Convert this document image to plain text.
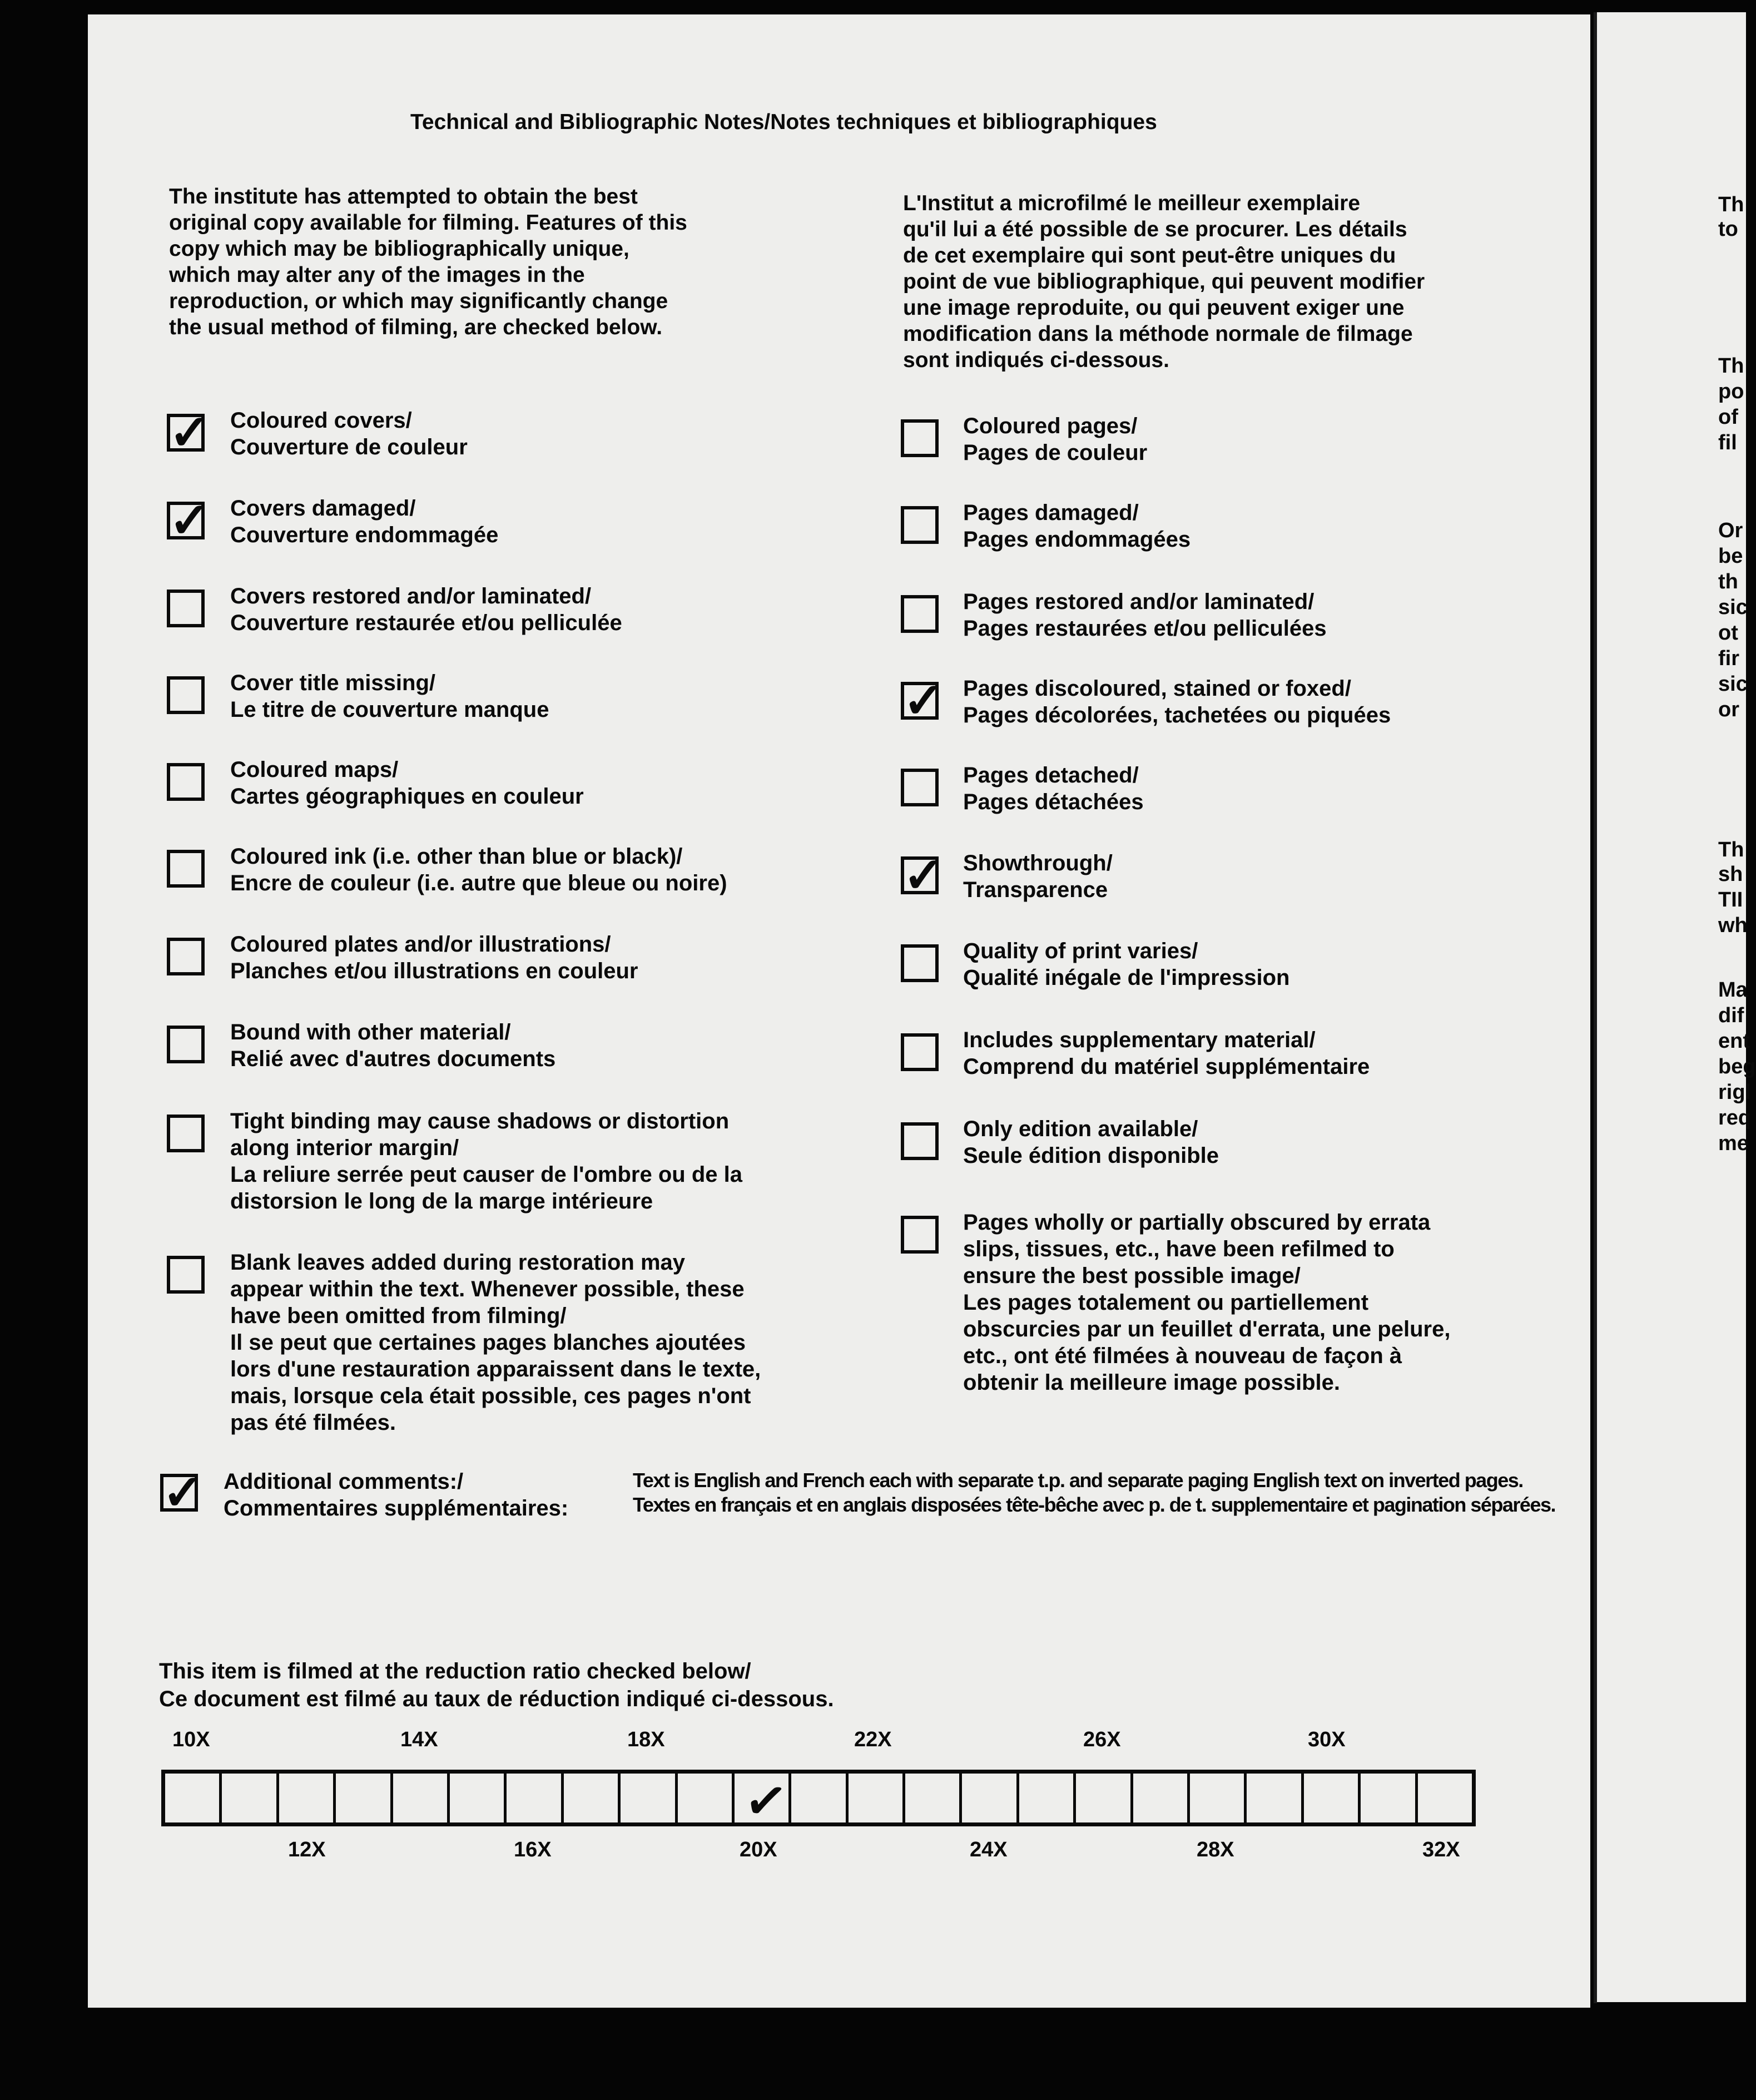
Technical and Bibliographic Notes/Notes techniques et bibliographiques
The institute has attempted to obtain the best
original copy available for filming. Features of this
copy which may be bibliographically unique,
which may alter any of the images in the
reproduction, or which may significantly change
the usual method of filming, are checked below.
L'Institut a microfilmé le meilleur exemplaire
qu'il lui a été possible de se procurer. Les détails
de cet exemplaire qui sont peut-être uniques du
point de vue bibliographique, qui peuvent modifier
une image reproduite, ou qui peuvent exiger une
modification dans la méthode normale de filmage
sont indiqués ci-dessous.
✓ Coloured covers/
Couverture de couleur
✓ Covers damaged/
Couverture endommagée
Covers restored and/or laminated/
Couverture restaurée et/ou pelliculée
Cover title missing/
Le titre de couverture manque
Coloured maps/
Cartes géographiques en couleur
Coloured ink (i.e. other than blue or black)/
Encre de couleur (i.e. autre que bleue ou noire)
Coloured plates and/or illustrations/
Planches et/ou illustrations en couleur
Bound with other material/
Relié avec d'autres documents
Tight binding may cause shadows or distortion
along interior margin/
La reliure serrée peut causer de l'ombre ou de la
distorsion le long de la marge intérieure
Blank leaves added during restoration may
appear within the text. Whenever possible, these
have been omitted from filming/
Il se peut que certaines pages blanches ajoutées
lors d'une restauration apparaissent dans le texte,
mais, lorsque cela était possible, ces pages n'ont
pas été filmées.
Coloured pages/
Pages de couleur
Pages damaged/
Pages endommagées
Pages restored and/or laminated/
Pages restaurées et/ou pelliculées
✓ Pages discoloured, stained or foxed/
Pages décolorées, tachetées ou piquées
Pages detached/
Pages détachées
✓ Showthrough/
Transparence
Quality of print varies/
Qualité inégale de l'impression
Includes supplementary material/
Comprend du matériel supplémentaire
Only edition available/
Seule édition disponible
Pages wholly or partially obscured by errata
slips, tissues, etc., have been refilmed to
ensure the best possible image/
Les pages totalement ou partiellement
obscurcies par un feuillet d'errata, une pelure,
etc., ont été filmées à nouveau de façon à
obtenir la meilleure image possible.
✓ Additional comments:/
Commentaires supplémentaires:
Text is English and French each with separate t.p. and separate paging English text on inverted pages.
Textes en français et en anglais disposées tête-bêche avec p. de t. supplementaire et pagination séparées.
This item is filmed at the reduction ratio checked below/
Ce document est filmé au taux de réduction indiqué ci-dessous.
10X	14X	18X	22X	26X	30X
✓
12X	16X	20X	24X	28X	32X
Th
to
Th
po
of
fil
Or
be
th
sic
ot
fir
sic
or
Th
sh
TII
wh
Ma
dif
ent
beg
rigl
req
me
